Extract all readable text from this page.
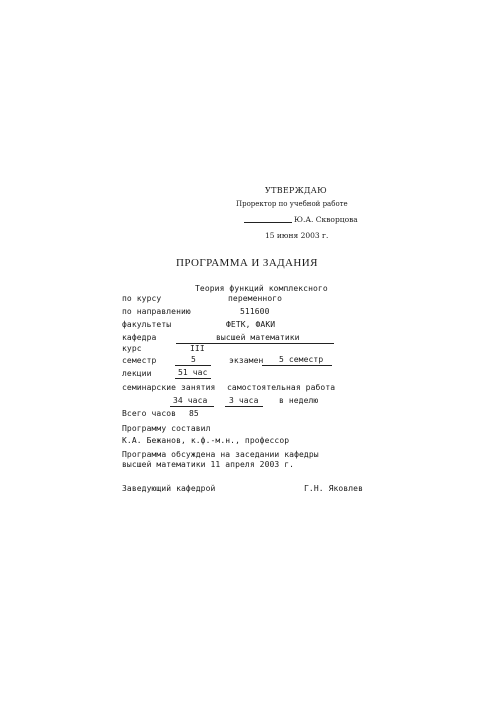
УТВЕРЖДАЮ
Проректор по учебной работе
Ю.А. Скворцова
15 июня 2003 г.
ПРОГРАММА И ЗАДАНИЯ
Теория функций комплексного
по курсу	переменного
по направлению	511600
факультеты	ФЕТК, ФАКИ
кафедра	высшей математики
курс	III
семестр	5	экзамен 5 семестр
лекции	51 час
семинарские занятия самостоятельная работа
34 часа	3 часа	в неделю
Всего часов 85
Программу составил
К.А. Бежанов, к.ф.-м.н., профессор
Программа обсуждена на заседании кафедры
высшей математики 11 апреля 2003 г.
Заведующий кафедрой	Г.Н. Яковлев
